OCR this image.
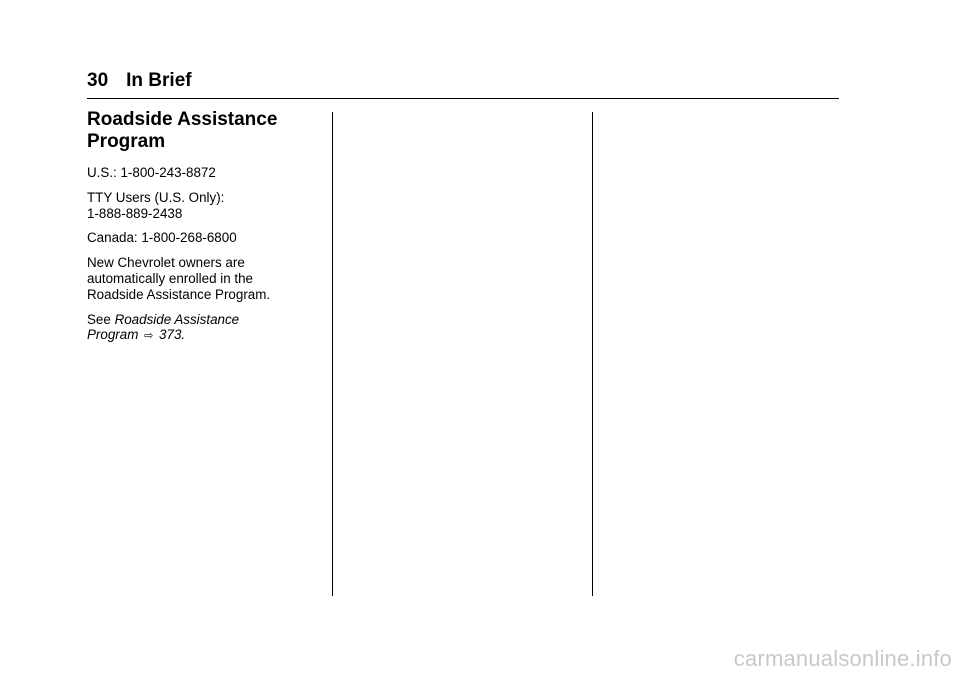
30 In Brief
Roadside Assistance
Program

U.S.: 1-800-243-8872

TTY Users (U.S. Only):
1-888-889-2438

Canada: 1-800-268-6800

New Chevrolet owners are
automatically enrolled in the
Roadside Assistance Program.

See Roadside Assistance
Program ⇨ 373.

carmanualsonline.info
